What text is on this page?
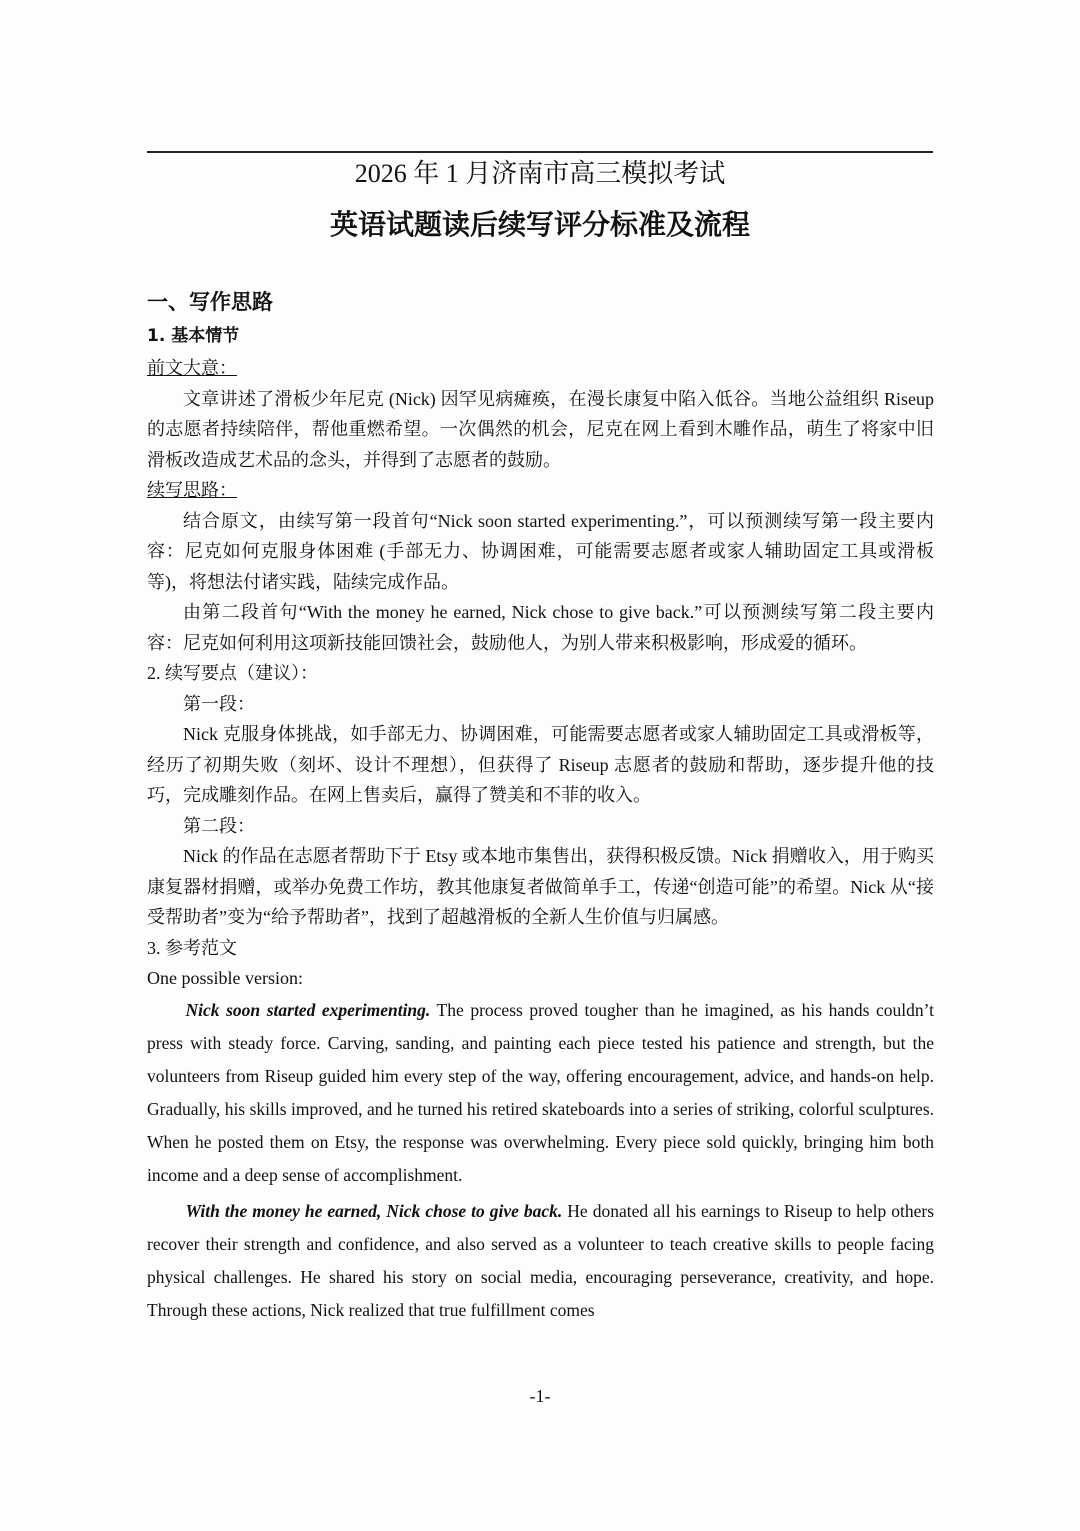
2026 年 1 月济南市高三模拟考试
英语试题读后续写评分标准及流程

一、写作思路

1. 基本情节

前文大意：

文章讲述了滑板少年尼克 (Nick) 因罕见病瘫痪，在漫长康复中陷入低谷。当地公益组织 Riseup 的志愿者持续陪伴，帮他重燃希望。一次偶然的机会，尼克在网上看到木雕作品，萌生了将家中旧滑板改造成艺术品的念头，并得到了志愿者的鼓励。

续写思路：

结合原文，由续写第一段首句“Nick soon started experimenting.”，可以预测续写第一段主要内容：尼克如何克服身体困难 (手部无力、协调困难，可能需要志愿者或家人辅助固定工具或滑板等)，将想法付诸实践，陆续完成作品。

由第二段首句“With the money he earned, Nick chose to give back.”可以预测续写第二段主要内容：尼克如何利用这项新技能回馈社会，鼓励他人，为别人带来积极影响，形成爱的循环。

2. 续写要点（建议）：

第一段：

Nick 克服身体挑战，如手部无力、协调困难，可能需要志愿者或家人辅助固定工具或滑板等，经历了初期失败（刻坏、设计不理想），但获得了 Riseup 志愿者的鼓励和帮助，逐步提升他的技巧，完成雕刻作品。在网上售卖后，赢得了赞美和不菲的收入。

第二段：

Nick 的作品在志愿者帮助下于 Etsy 或本地市集售出，获得积极反馈。Nick 捐赠收入，用于购买康复器材捐赠，或举办免费工作坊，教其他康复者做简单手工，传递“创造可能”的希望。Nick 从“接受帮助者”变为“给予帮助者”，找到了超越滑板的全新人生价值与归属感。

3. 参考范文

One possible version:

Nick soon started experimenting. The process proved tougher than he imagined, as his hands couldn’t press with steady force. Carving, sanding, and painting each piece tested his patience and strength, but the volunteers from Riseup guided him every step of the way, offering encouragement, advice, and hands-on help. Gradually, his skills improved, and he turned his retired skateboards into a series of striking, colorful sculptures. When he posted them on Etsy, the response was overwhelming. Every piece sold quickly, bringing him both income and a deep sense of accomplishment.

With the money he earned, Nick chose to give back. He donated all his earnings to Riseup to help others recover their strength and confidence, and also served as a volunteer to teach creative skills to people facing physical challenges. He shared his story on social media, encouraging perseverance, creativity, and hope. Through these actions, Nick realized that true fulfillment comes

-1-
